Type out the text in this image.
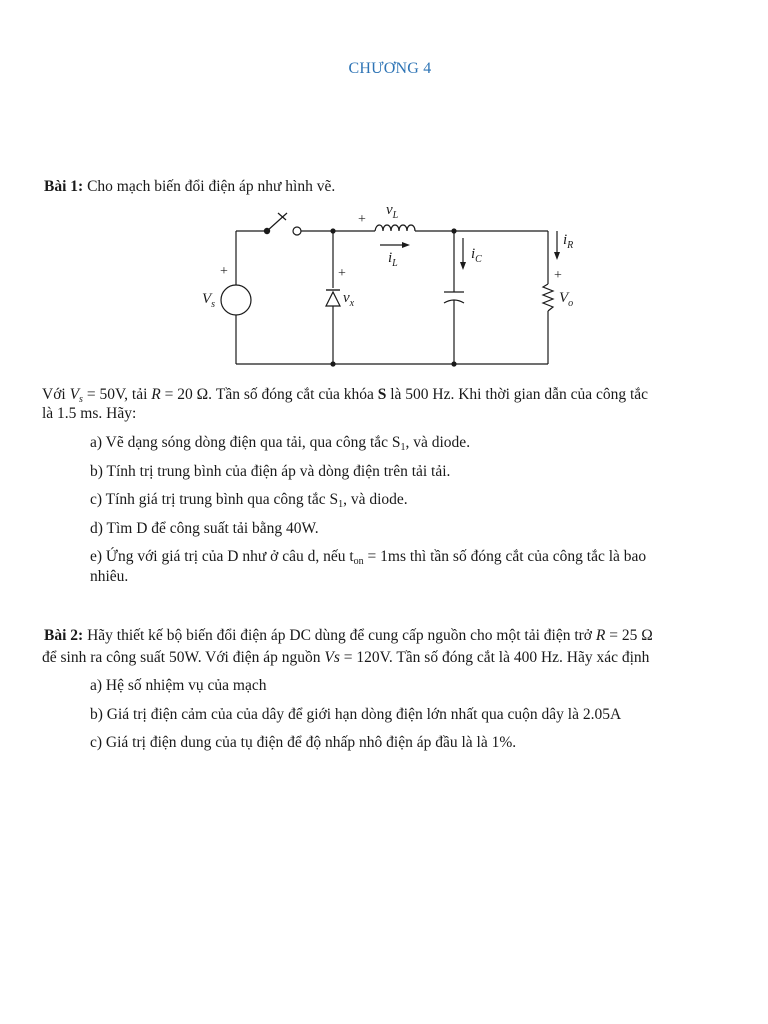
CHƯƠNG 4
Bài 1: Cho mạch biến đổi điện áp như hình vẽ.
+
$v_L$
$i_L$
$i_C$
$i_R$
+
$V_s$
+
$v_x$
+
$V_o$
Với $V_s = 50V$, tải R = 20 Ω. Tần số đóng cắt của khóa S là 500 Hz. Khi thời gian dẫn của công tắc
là 1.5 ms. Hãy:
a) Vẽ dạng sóng dòng điện qua tải, qua công tắc $S_1$, và diode.
b) Tính trị trung bình của điện áp và dòng điện trên tải tải.
c) Tính giá trị trung bình qua công tắc $S_1$, và diode.
d) Tìm D để công suất tải bằng 40W.
e) Ứng với giá trị của D như ở câu d, nếu $t_{on} = 1ms$ thì tần số đóng cắt của công tắc là bao
nhiêu.
Bài 2: Hãy thiết kế bộ biến đổi điện áp DC dùng để cung cấp nguồn cho một tải điện trở R = 25 Ω
để sinh ra công suất 50W. Với điện áp nguồn Vs = 120V. Tần số đóng cắt là 400 Hz. Hãy xác định
a) Hệ số nhiệm vụ của mạch
b) Giá trị điện cảm của của dây để giới hạn dòng điện lớn nhất qua cuộn dây là 2.05A
c) Giá trị điện dung của tụ điện để độ nhấp nhô điện áp đầu là là 1%.
